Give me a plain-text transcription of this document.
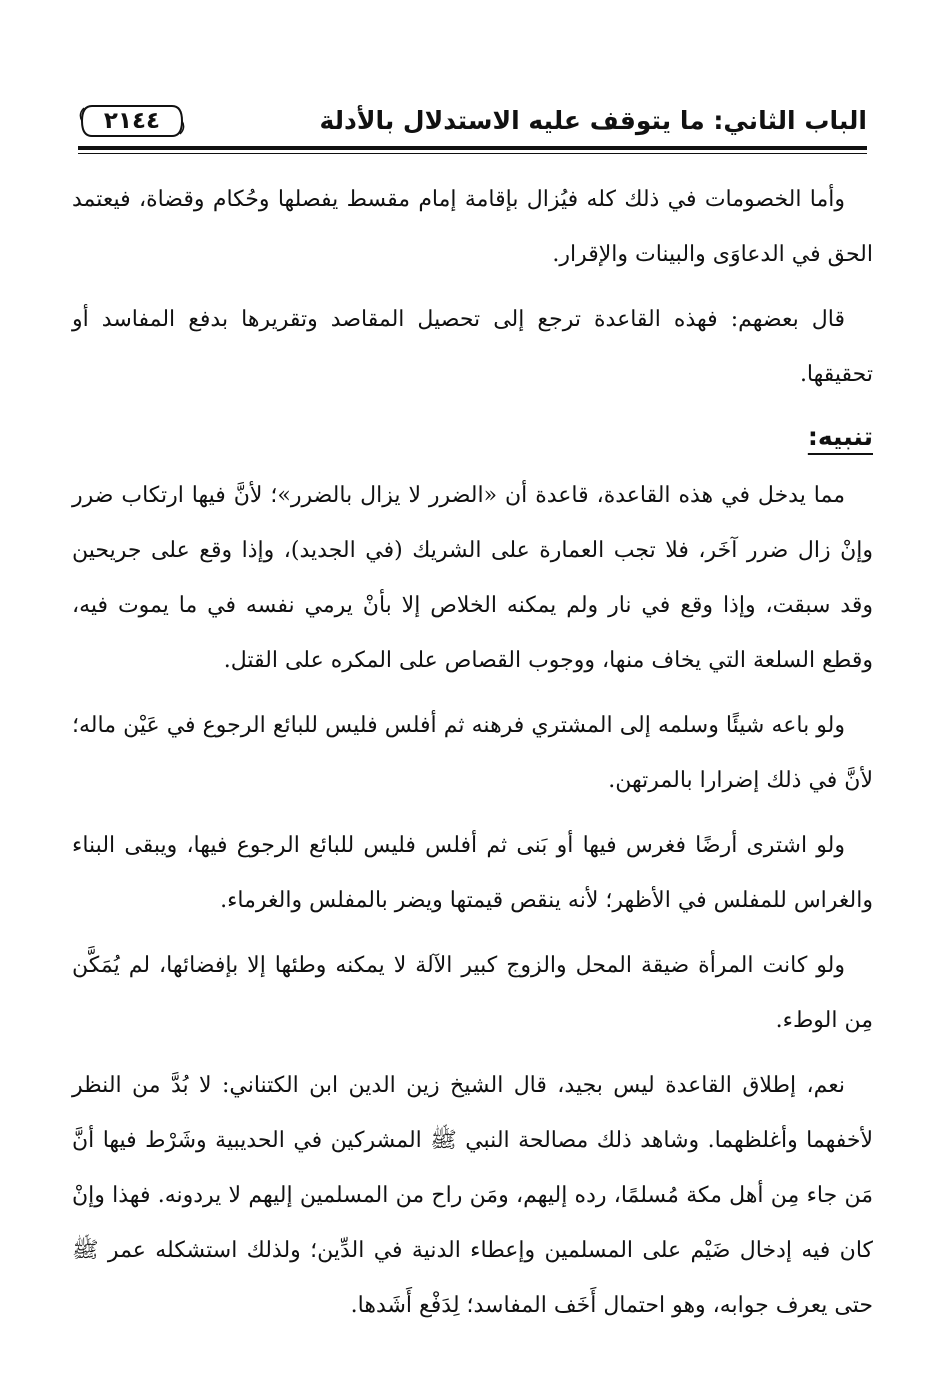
الباب الثاني: ما يتوقف عليه الاستدلال بالأدلة
٢١٤٤

وأما الخصومات في ذلك كله فيُزال بإقامة إمام مقسط يفصلها وحُكام وقضاة، فيعتمد الحق في الدعاوَى والبينات والإقرار.

قال بعضهم: فهذه القاعدة ترجع إلى تحصيل المقاصد وتقريرها بدفع المفاسد أو تحقيقها.

تنبيه:

مما يدخل في هذه القاعدة، قاعدة أن «الضرر لا يزال بالضرر»؛ لأنَّ فيها ارتكاب ضرر وإنْ زال ضرر آخَر، فلا تجب العمارة على الشريك (في الجديد)، وإذا وقع على جريحين وقد سبقت، وإذا وقع في نار ولم يمكنه الخلاص إلا بأنْ يرمي نفسه في ما يموت فيه، وقطع السلعة التي يخاف منها، ووجوب القصاص على المكره على القتل.

ولو باعه شيئًا وسلمه إلى المشتري فرهنه ثم أفلس فليس للبائع الرجوع في عَيْن ماله؛ لأنَّ في ذلك إضرارا بالمرتهن.

ولو اشترى أرضًا فغرس فيها أو بَنى ثم أفلس فليس للبائع الرجوع فيها، ويبقى البناء والغراس للمفلس في الأظهر؛ لأنه ينقص قيمتها ويضر بالمفلس والغرماء.

ولو كانت المرأة ضيقة المحل والزوج كبير الآلة لا يمكنه وطئها إلا بإفضائها، لم يُمَكَّن مِن الوطء.

نعم، إطلاق القاعدة ليس بجيد، قال الشيخ زين الدين ابن الكتناني: لا بُدَّ من النظر لأخفهما وأغلظهما. وشاهد ذلك مصالحة النبي ﷺ المشركين في الحديبية وشَرْط فيها أنَّ مَن جاء مِن أهل مكة مُسلمًا، رده إليهم، ومَن راح من المسلمين إليهم لا يردونه. فهذا وإنْ كان فيه إدخال ضَيْم على المسلمين وإعطاء الدنية في الدِّين؛ ولذلك استشكله عمر ﷺ حتى يعرف جوابه، وهو احتمال أَخَف المفاسد؛ لِدَفْع أَشَدها.
